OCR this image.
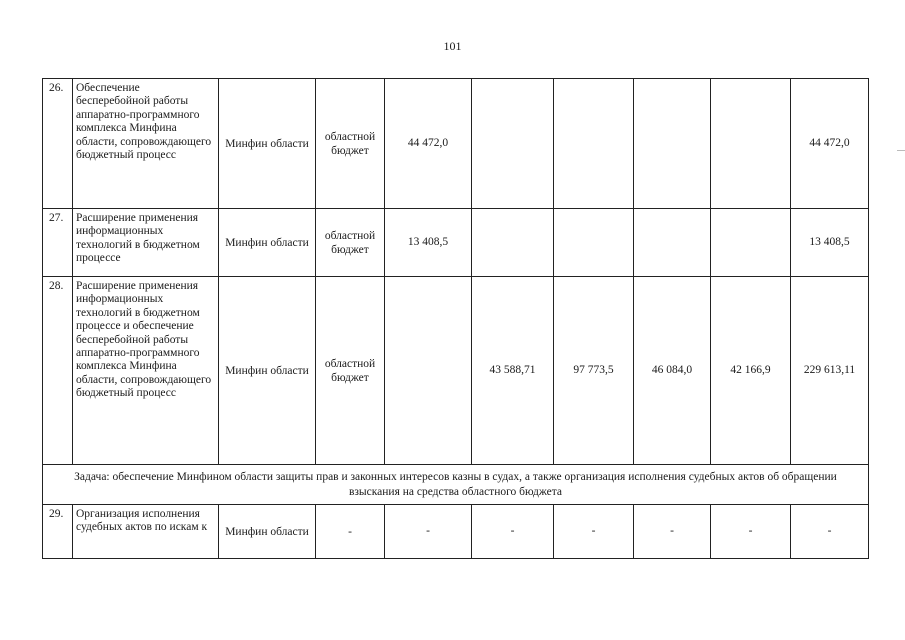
101
26.	Обеспечение бесперебойной работы аппаратно-программного комплекса Минфина области, сопровождающего бюджетный процесс	Минфин области	областной бюджет	44 472,0					44 472,0
27.	Расширение применения информационных технологий в бюджетном процессе	Минфин области	областной бюджет	13 408,5					13 408,5
28.	Расширение применения информационных технологий в бюджетном процессе и обеспечение бесперебойной работы аппаратно-программного комплекса Минфина области, сопровождающего бюджетный процесс	Минфин области	областной бюджет		43 588,71	97 773,5	46 084,0	42 166,9	229 613,11
Задача: обеспечение Минфином области защиты прав и законных интересов казны в судах, а также организация исполнения судебных актов об обращении взыскания на средства областного бюджета									
29.	Организация исполнения судебных актов по искам к	Минфин области	-	-	-	-	-	-	-
